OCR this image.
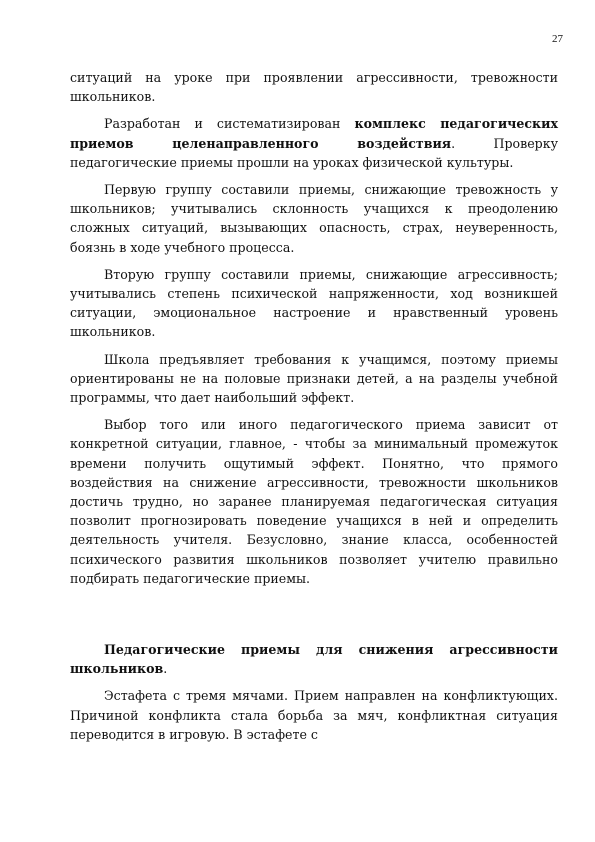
27

ситуаций на уроке при проявлении агрессивности, тревожности школьников.

Разработан и систематизирован комплекс педагогических приемов целенаправленного воздействия. Проверку педагогические приемы прошли на уроках физической культуры.

Первую группу составили приемы, снижающие тревожность у школьников; учитывались склонность учащихся к преодолению сложных ситуаций, вызывающих опасность, страх, неуверенность, боязнь в ходе учебного процесса.

Вторую группу составили приемы, снижающие агрессивность; учитывались степень психической напряженности, ход возникшей ситуации, эмоциональное настроение и нравственный уровень школьников.

Школа предъявляет требования к учащимся, поэтому приемы ориентированы не на половые признаки детей, а на разделы учебной программы, что дает наибольший эффект.

Выбор того или иного педагогического приема зависит от конкретной ситуации, главное, - чтобы за минимальный промежуток времени получить ощутимый эффект. Понятно, что прямого воздействия на снижение агрессивности, тревожности школьников достичь трудно, но заранее планируемая педагогическая ситуация позволит прогнозировать поведение учащихся в ней и определить деятельность учителя. Безусловно, знание класса, особенностей психического развития школьников позволяет учителю правильно подбирать педагогические приемы.

Педагогические приемы для снижения агрессивности школьников.

Эстафета с тремя мячами. Прием направлен на конфликтующих. Причиной конфликта стала борьба за мяч, конфликтная ситуация переводится в игровую. В эстафете с
